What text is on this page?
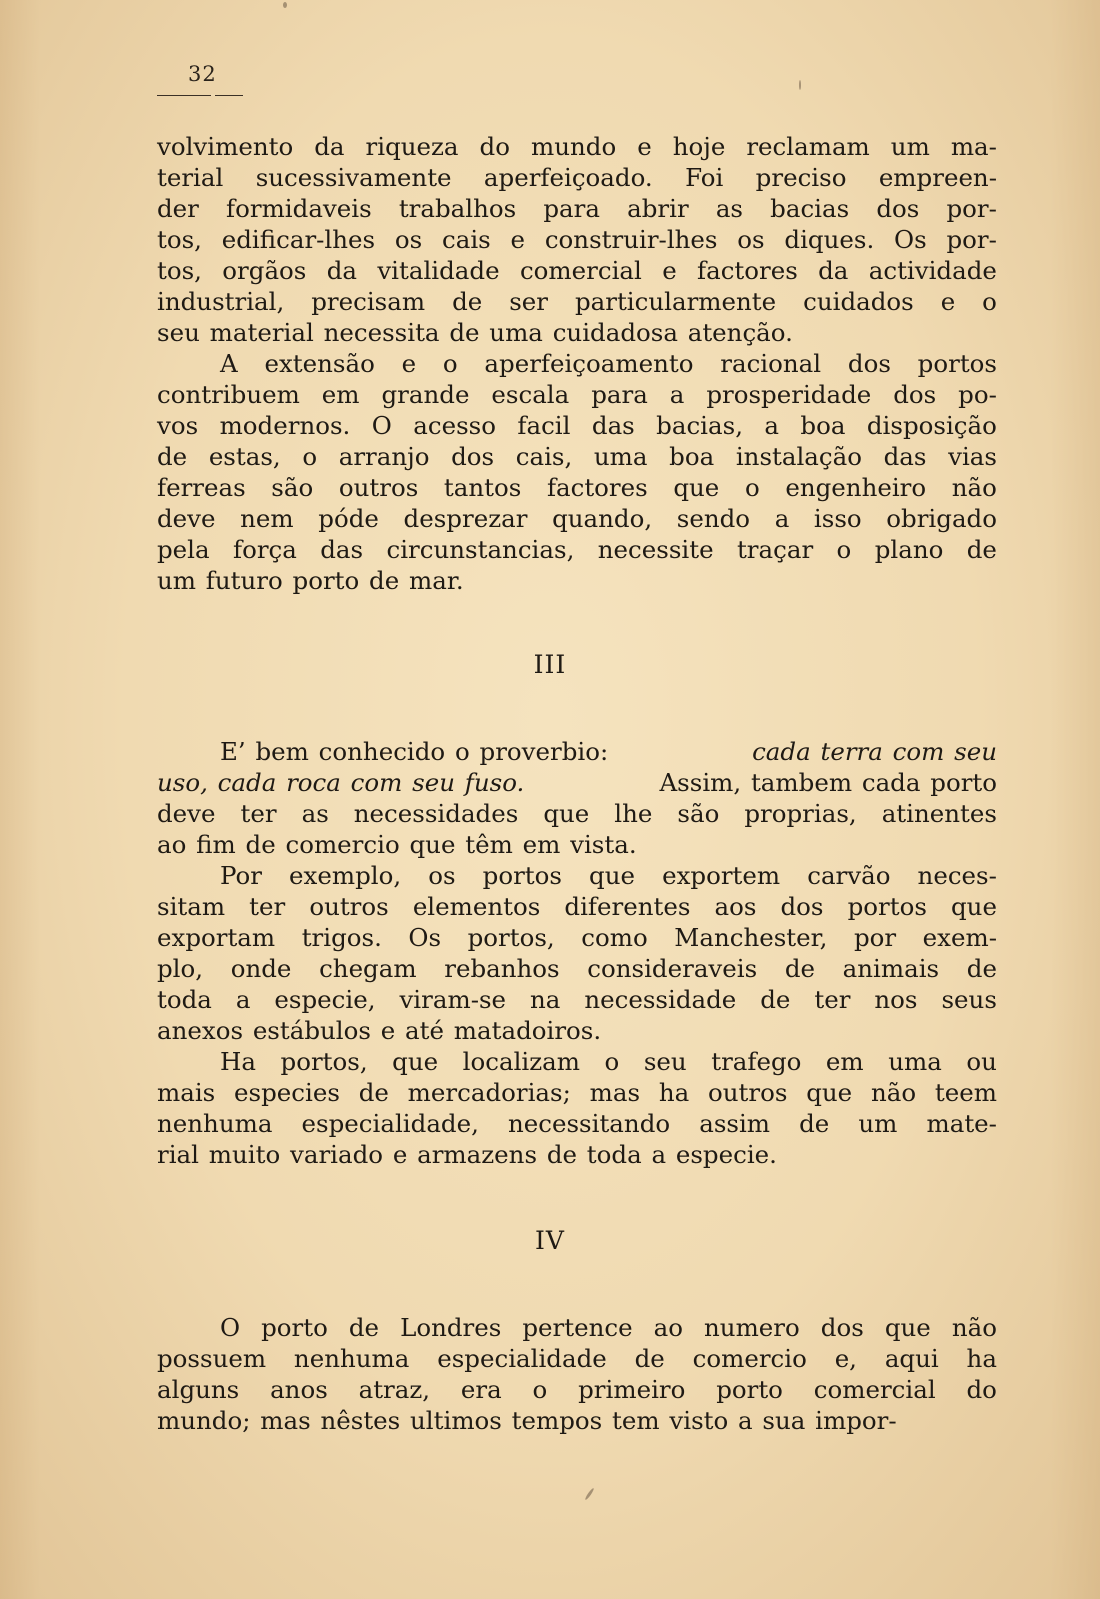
32
volvimento da riqueza do mundo e hoje reclamam um ma-
terial sucessivamente aperfeiçoado. Foi preciso empreen-
der formidaveis trabalhos para abrir as bacias dos por-
tos, edificar-lhes os cais e construir-lhes os diques. Os por-
tos, orgãos da vitalidade comercial e factores da actividade
industrial, precisam de ser particularmente cuidados e o
seu material necessita de uma cuidadosa atenção.
A extensão e o aperfeiçoamento racional dos portos
contribuem em grande escala para a prosperidade dos po-
vos modernos. O acesso facil das bacias, a boa disposição
de estas, o arranjo dos cais, uma boa instalação das vias
ferreas são outros tantos factores que o engenheiro não
deve nem póde desprezar quando, sendo a isso obrigado
pela força das circunstancias, necessite traçar o plano de
um futuro porto de mar.
III
E’ bem conhecido o proverbio:	cada terra com seu
uso, cada roca com seu fuso.	Assim, tambem cada porto
deve ter as necessidades que lhe são proprias, atinentes
ao fim de comercio que têm em vista.
Por exemplo, os portos que exportem carvão neces-
sitam ter outros elementos diferentes aos dos portos que
exportam trigos. Os portos, como Manchester, por exem-
plo, onde chegam rebanhos consideraveis de animais de
toda a especie, viram-se na necessidade de ter nos seus
anexos estábulos e até matadoiros.
Ha portos, que localizam o seu trafego em uma ou
mais especies de mercadorias; mas ha outros que não teem
nenhuma especialidade, necessitando assim de um mate-
rial muito variado e armazens de toda a especie.
IV
O porto de Londres pertence ao numero dos que não
possuem nenhuma especialidade de comercio e, aqui ha
alguns anos atraz, era o primeiro porto comercial do
mundo; mas nêstes ultimos tempos tem visto a sua impor-
